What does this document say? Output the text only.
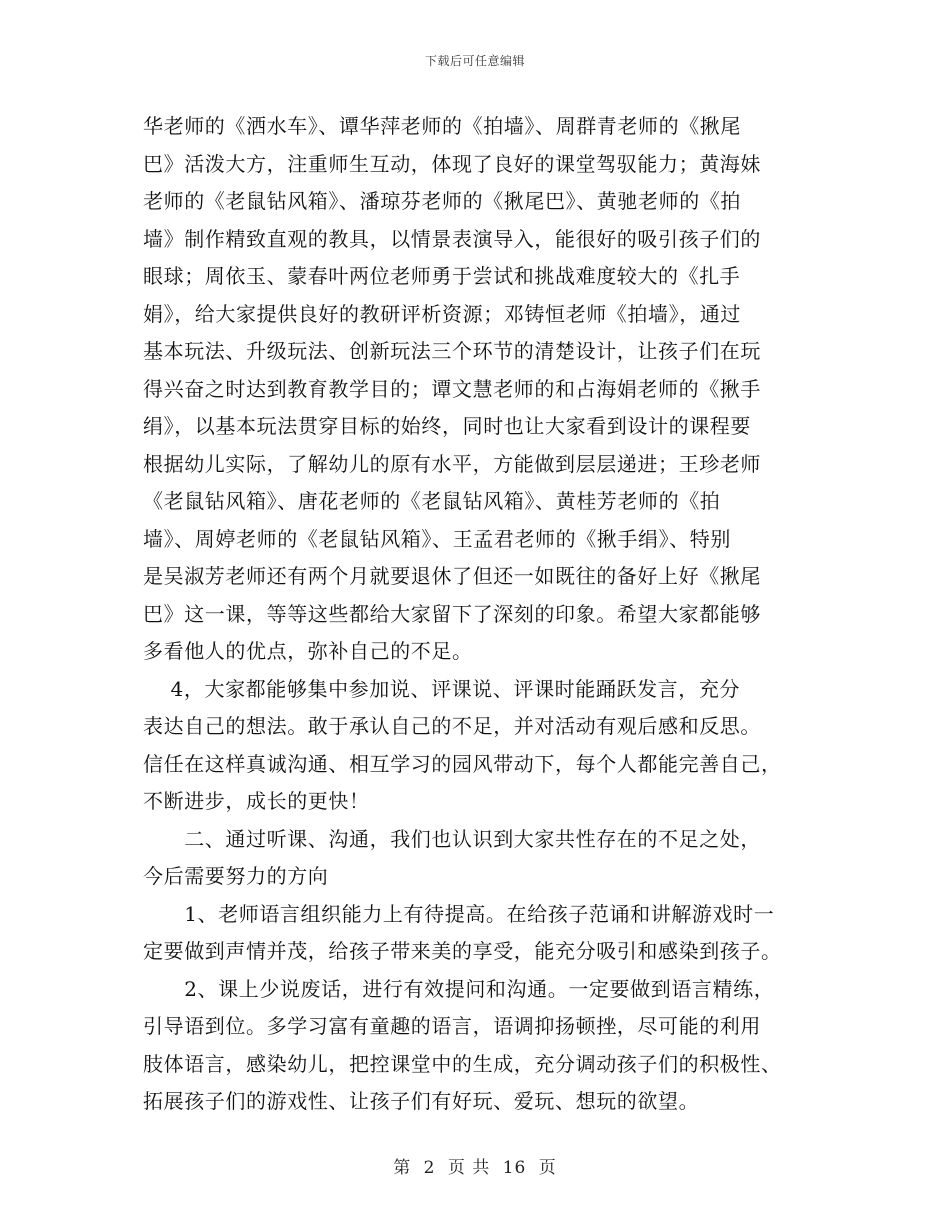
下载后可任意编辑
华老师的《洒水车》、谭华萍老师的《拍墙》、周群青老师的《揪尾
巴》活泼大方，注重师生互动，体现了良好的课堂驾驭能力；黄海妹
老师的《老鼠钻风箱》、潘琼芬老师的《揪尾巴》、黄驰老师的《拍
墙》制作精致直观的教具，以情景表演导入，能很好的吸引孩子们的
眼球；周依玉、蒙春叶两位老师勇于尝试和挑战难度较大的《扎手
娟》，给大家提供良好的教研评析资源；邓铸恒老师《拍墙》，通过
基本玩法、升级玩法、创新玩法三个环节的清楚设计，让孩子们在玩
得兴奋之时达到教育教学目的；谭文慧老师的和占海娟老师的《揪手
绢》，以基本玩法贯穿目标的始终，同时也让大家看到设计的课程要
根据幼儿实际，了解幼儿的原有水平，方能做到层层递进；王珍老师
《老鼠钻风箱》、唐花老师的《老鼠钻风箱》、黄桂芳老师的《拍
墙》、周婷老师的《老鼠钻风箱》、王孟君老师的《揪手绢》、特别
是吴淑芳老师还有两个月就要退休了但还一如既往的备好上好《揪尾
巴》这一课，等等这些都给大家留下了深刻的印象。希望大家都能够
多看他人的优点，弥补自己的不足。
　 4，大家都能够集中参加说、评课说、评课时能踊跃发言，充分
表达自己的想法。敢于承认自己的不足，并对活动有观后感和反思。
信任在这样真诚沟通、相互学习的园风带动下，每个人都能完善自己，
不断进步，成长的更快！
　　二、通过听课、沟通，我们也认识到大家共性存在的不足之处，
今后需要努力的方向
　　1、老师语言组织能力上有待提高。在给孩子范诵和讲解游戏时一
定要做到声情并茂，给孩子带来美的享受，能充分吸引和感染到孩子。
　　2、课上少说废话，进行有效提问和沟通。一定要做到语言精练，
引导语到位。多学习富有童趣的语言，语调抑扬顿挫，尽可能的利用
肢体语言，感染幼儿，把控课堂中的生成，充分调动孩子们的积极性、
拓展孩子们的游戏性、让孩子们有好玩、爱玩、想玩的欲望。
第 2 页 共 16 页
